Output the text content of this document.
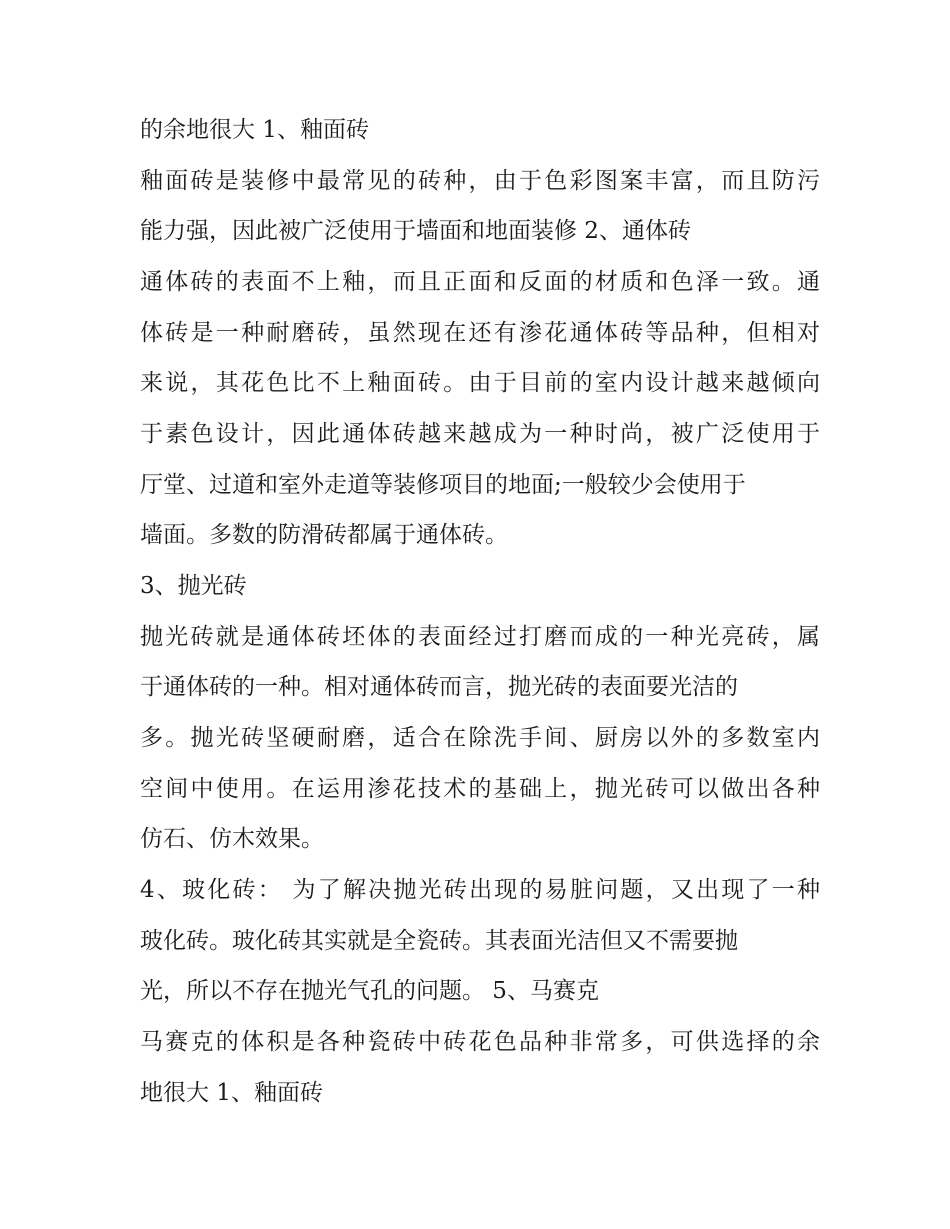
的余地很大 1、釉面砖
釉面砖是装修中最常见的砖种，由于色彩图案丰富，而且防污
能力强，因此被广泛使用于墙面和地面装修 2、通体砖
通体砖的表面不上釉，而且正面和反面的材质和色泽一致。通
体砖是一种耐磨砖，虽然现在还有渗花通体砖等品种，但相对
来说，其花色比不上釉面砖。由于目前的室内设计越来越倾向
于素色设计，因此通体砖越来越成为一种时尚，被广泛使用于
厅堂、过道和室外走道等装修项目的地面;一般较少会使用于
墙面。多数的防滑砖都属于通体砖。
3、抛光砖
抛光砖就是通体砖坯体的表面经过打磨而成的一种光亮砖，属
于通体砖的一种。相对通体砖而言，抛光砖的表面要光洁的
多。抛光砖坚硬耐磨，适合在除洗手间、厨房以外的多数室内
空间中使用。在运用渗花技术的基础上，抛光砖可以做出各种
仿石、仿木效果。
4、玻化砖： 为了解决抛光砖出现的易脏问题，又出现了一种
玻化砖。玻化砖其实就是全瓷砖。其表面光洁但又不需要抛
光，所以不存在抛光气孔的问题。 5、马赛克
马赛克的体积是各种瓷砖中砖花色品种非常多，可供选择的余
地很大 1、釉面砖
